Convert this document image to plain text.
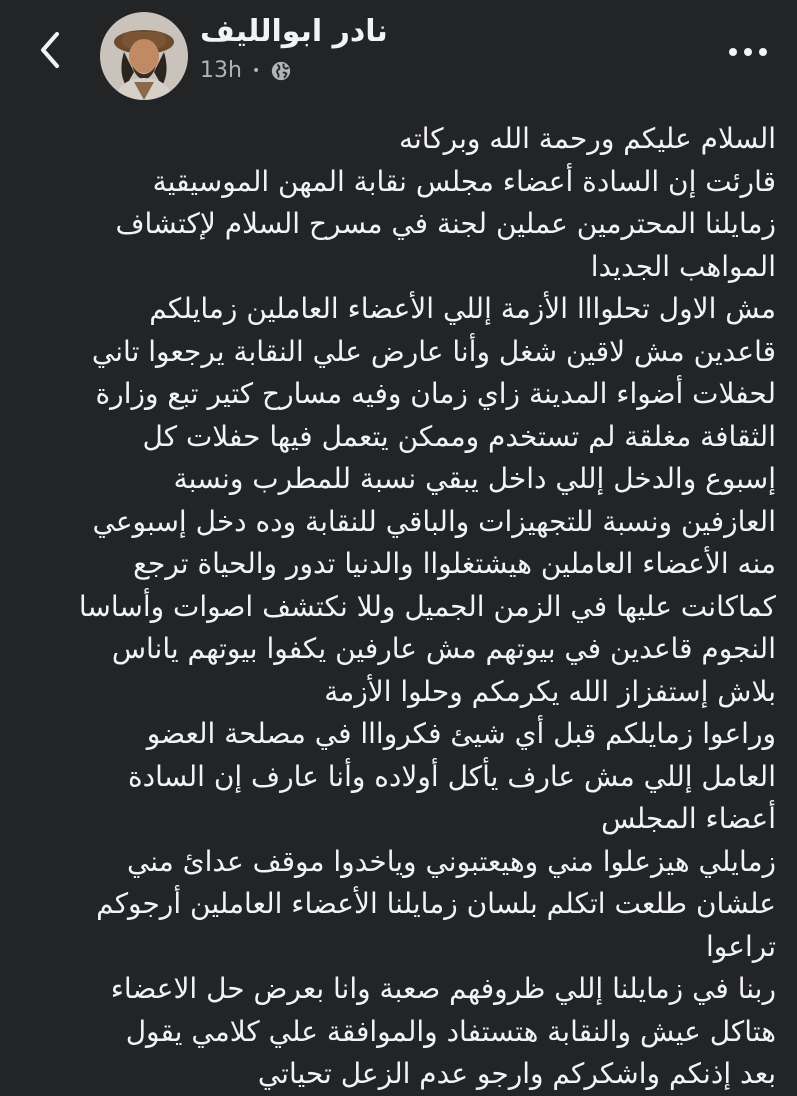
نادر ابوالليف
13h •
السلام عليكم ورحمة الله وبركاته
قارئت إن السادة أعضاء مجلس نقابة المهن الموسيقية
زمايلنا المحترمين عملين لجنة في مسرح السلام لإكتشاف
المواهب الجديدا
مش الاول تحلوااا الأزمة إللي الأعضاء العاملين زمايلكم
قاعدين مش لاقين شغل وأنا عارض علي النقابة يرجعوا تاني
لحفلات أضواء المدينة زاي زمان وفيه مسارح كتير تبع وزارة
الثقافة مغلقة لم تستخدم وممكن يتعمل فيها حفلات كل
إسبوع والدخل إللي داخل يبقي نسبة للمطرب ونسبة
العازفين ونسبة للتجهيزات والباقي للنقابة وده دخل إسبوعي
منه الأعضاء العاملين هيشتغلواا والدنيا تدور والحياة ترجع
كماكانت عليها في الزمن الجميل وللا نكتشف اصوات وأساسا
النجوم قاعدين في بيوتهم مش عارفين يكفوا بيوتهم ياناس
بلاش إستفزاز الله يكرمكم وحلوا الأزمة
وراعوا زمايلكم قبل أي شيئ فكروااا في مصلحة العضو
العامل إللي مش عارف يأكل أولاده وأنا عارف إن السادة
أعضاء المجلس
زمايلي هيزعلوا مني وهيعتبوني وياخدوا موقف عدائ مني
علشان طلعت اتكلم بلسان زمايلنا الأعضاء العاملين أرجوكم
تراعوا
ربنا في زمايلنا إللي ظروفهم صعبة وانا بعرض حل الاعضاء
هتاكل عيش والنقابة هتستفاد والموافقة علي كلامي يقول
بعد إذنكم واشكركم وارجو عدم الزعل تحياتي
